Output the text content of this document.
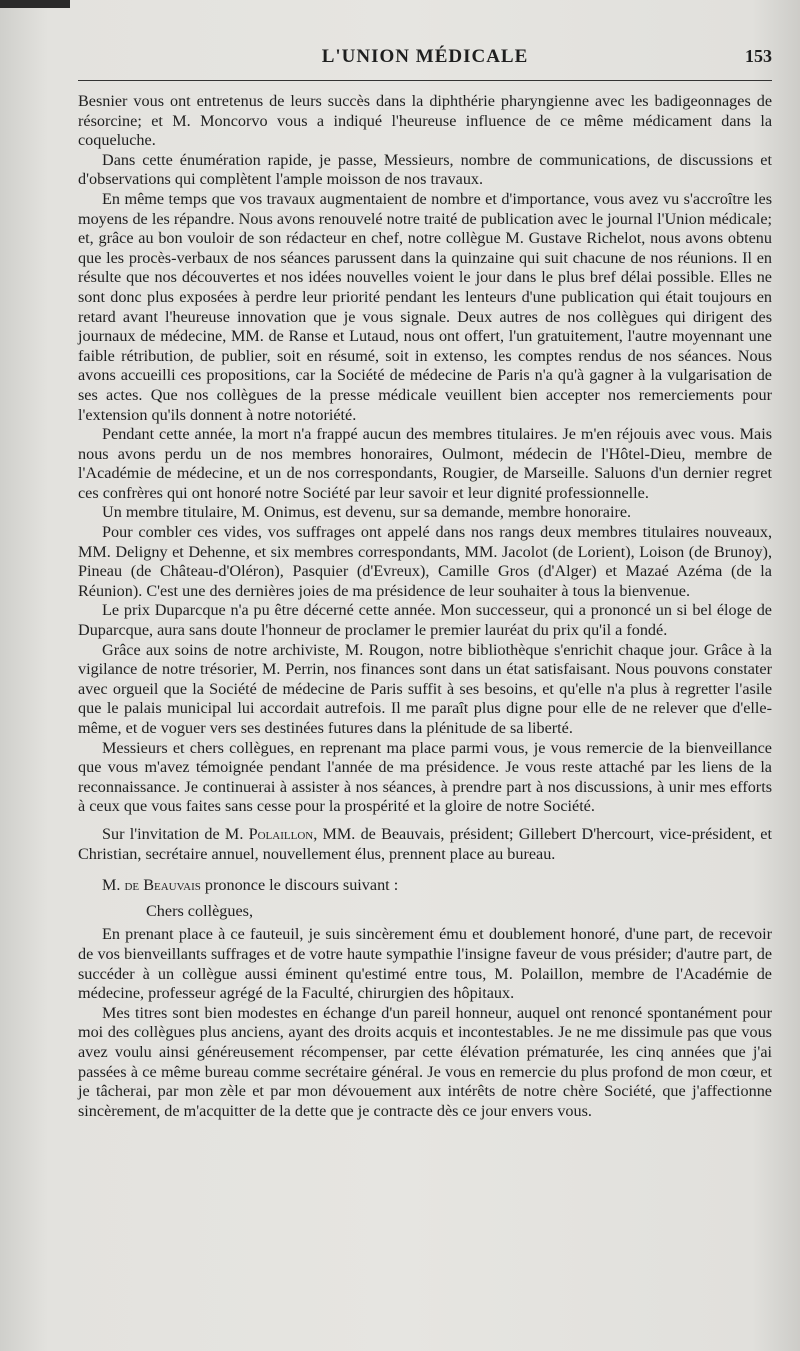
L'UNION MÉDICALE	153

Besnier vous ont entretenus de leurs succès dans la diphthérie pharyngienne avec les badigeonnages de résorcine; et M. Moncorvo vous a indiqué l'heureuse influence de ce même médicament dans la coqueluche.

Dans cette énumération rapide, je passe, Messieurs, nombre de communications, de discussions et d'observations qui complètent l'ample moisson de nos travaux.

En même temps que vos travaux augmentaient de nombre et d'importance, vous avez vu s'accroître les moyens de les répandre. Nous avons renouvelé notre traité de publication avec le journal l'Union médicale; et, grâce au bon vouloir de son rédacteur en chef, notre collègue M. Gustave Richelot, nous avons obtenu que les procès-verbaux de nos séances parussent dans la quinzaine qui suit chacune de nos réunions. Il en résulte que nos découvertes et nos idées nouvelles voient le jour dans le plus bref délai possible. Elles ne sont donc plus exposées à perdre leur priorité pendant les lenteurs d'une publication qui était toujours en retard avant l'heureuse innovation que je vous signale. Deux autres de nos collègues qui dirigent des journaux de médecine, MM. de Ranse et Lutaud, nous ont offert, l'un gratuitement, l'autre moyennant une faible rétribution, de publier, soit en résumé, soit in extenso, les comptes rendus de nos séances. Nous avons accueilli ces propositions, car la Société de médecine de Paris n'a qu'à gagner à la vulgarisation de ses actes. Que nos collègues de la presse médicale veuillent bien accepter nos remerciements pour l'extension qu'ils donnent à notre notoriété.

Pendant cette année, la mort n'a frappé aucun des membres titulaires. Je m'en réjouis avec vous. Mais nous avons perdu un de nos membres honoraires, Oulmont, médecin de l'Hôtel-Dieu, membre de l'Académie de médecine, et un de nos correspondants, Rougier, de Marseille. Saluons d'un dernier regret ces confrères qui ont honoré notre Société par leur savoir et leur dignité professionnelle.

Un membre titulaire, M. Onimus, est devenu, sur sa demande, membre honoraire.

Pour combler ces vides, vos suffrages ont appelé dans nos rangs deux membres titulaires nouveaux, MM. Deligny et Dehenne, et six membres correspondants, MM. Jacolot (de Lorient), Loison (de Brunoy), Pineau (de Château-d'Oléron), Pasquier (d'Evreux), Camille Gros (d'Alger) et Mazaé Azéma (de la Réunion). C'est une des dernières joies de ma présidence de leur souhaiter à tous la bienvenue.

Le prix Duparcque n'a pu être décerné cette année. Mon successeur, qui a prononcé un si bel éloge de Duparcque, aura sans doute l'honneur de proclamer le premier lauréat du prix qu'il a fondé.

Grâce aux soins de notre archiviste, M. Rougon, notre bibliothèque s'enrichit chaque jour. Grâce à la vigilance de notre trésorier, M. Perrin, nos finances sont dans un état satisfaisant. Nous pouvons constater avec orgueil que la Société de médecine de Paris suffit à ses besoins, et qu'elle n'a plus à regretter l'asile que le palais municipal lui accordait autrefois. Il me paraît plus digne pour elle de ne relever que d'elle-même, et de voguer vers ses destinées futures dans la plénitude de sa liberté.

Messieurs et chers collègues, en reprenant ma place parmi vous, je vous remercie de la bienveillance que vous m'avez témoignée pendant l'année de ma présidence. Je vous reste attaché par les liens de la reconnaissance. Je continuerai à assister à nos séances, à prendre part à nos discussions, à unir mes efforts à ceux que vous faites sans cesse pour la prospérité et la gloire de notre Société.

Sur l'invitation de M. Polaillon, MM. de Beauvais, président; Gillebert D'hercourt, vice-président, et Christian, secrétaire annuel, nouvellement élus, prennent place au bureau.

M. de Beauvais prononce le discours suivant :

Chers collègues,

En prenant place à ce fauteuil, je suis sincèrement ému et doublement honoré, d'une part, de recevoir de vos bienveillants suffrages et de votre haute sympathie l'insigne faveur de vous présider; d'autre part, de succéder à un collègue aussi éminent qu'estimé entre tous, M. Polaillon, membre de l'Académie de médecine, professeur agrégé de la Faculté, chirurgien des hôpitaux.

Mes titres sont bien modestes en échange d'un pareil honneur, auquel ont renoncé spontanément pour moi des collègues plus anciens, ayant des droits acquis et incontestables. Je ne me dissimule pas que vous avez voulu ainsi généreusement récompenser, par cette élévation prématurée, les cinq années que j'ai passées à ce même bureau comme secrétaire général. Je vous en remercie du plus profond de mon cœur, et je tâcherai, par mon zèle et par mon dévouement aux intérêts de notre chère Société, que j'affectionne sincèrement, de m'acquitter de la dette que je contracte dès ce jour envers vous.
